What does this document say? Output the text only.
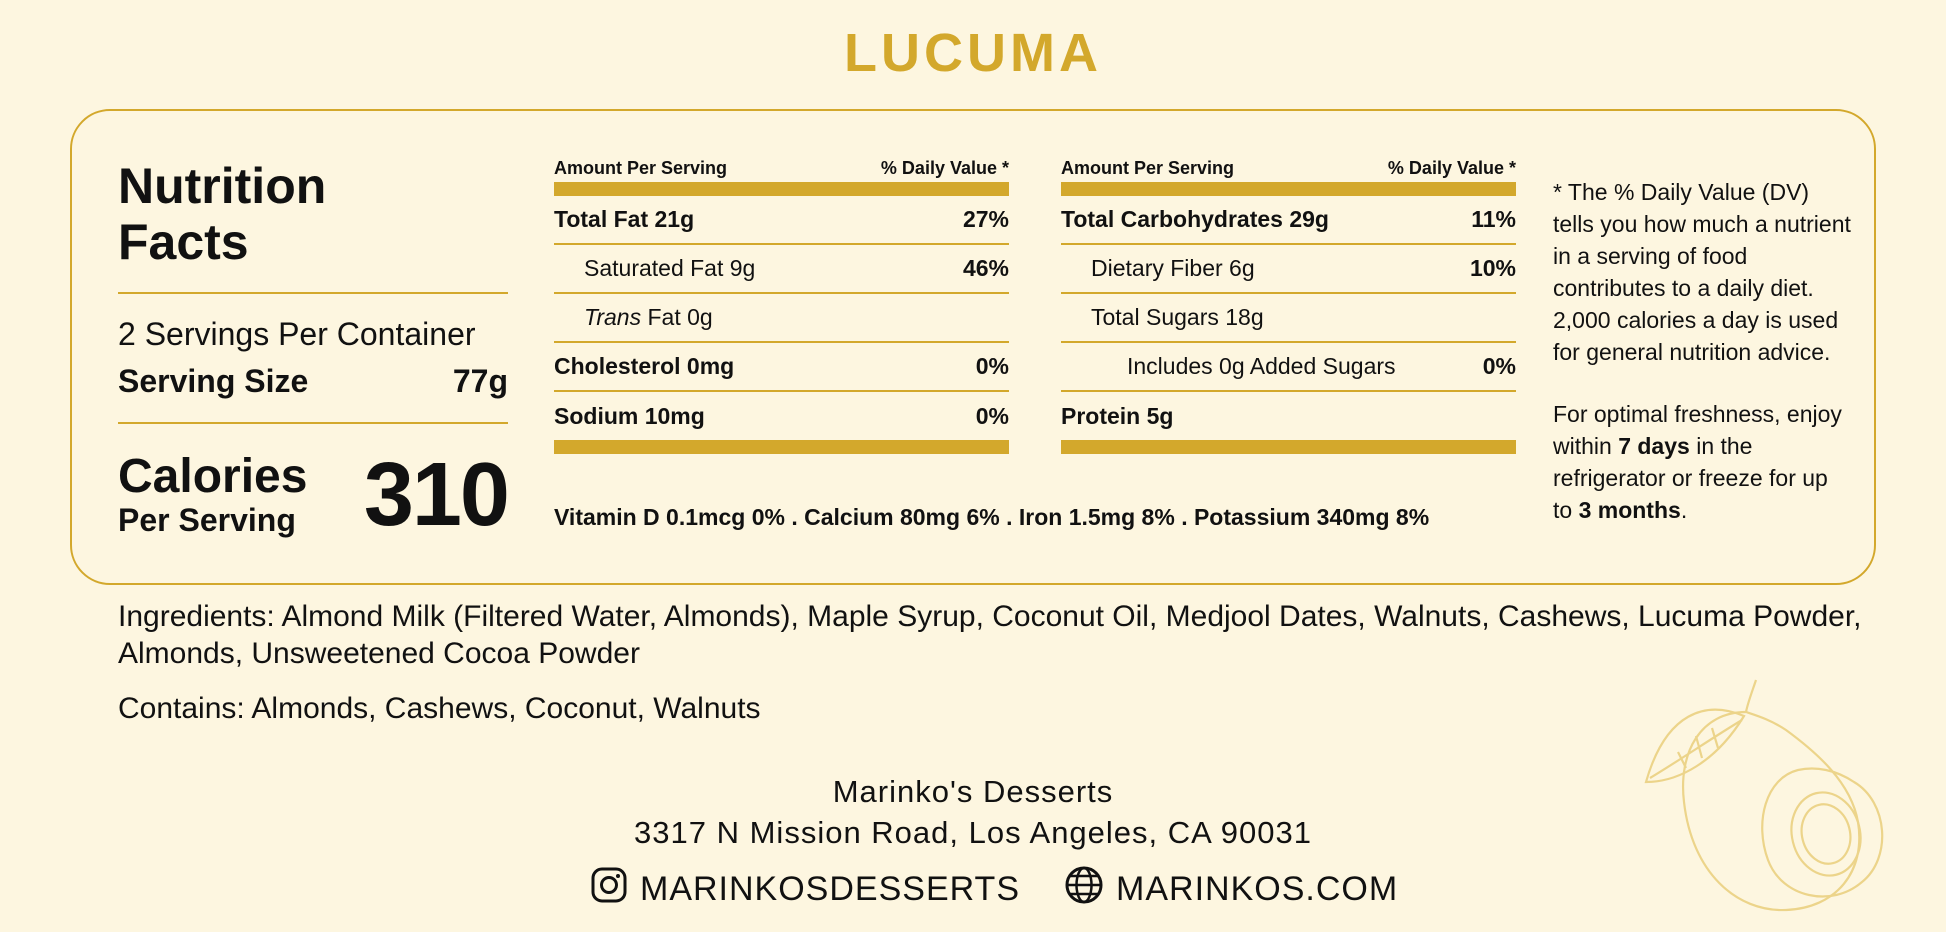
LUCUMA
Nutrition
Facts
2 Servings Per Container
Serving Size	77g
Calories
Per Serving 310
Amount Per Serving	% Daily Value *
Total Fat 21g	27%
Saturated Fat 9g	46%
Trans Fat 0g
Cholesterol 0mg	0%
Sodium 10mg	0%
Amount Per Serving	% Daily Value *
Total Carbohydrates 29g	11%
Dietary Fiber 6g	10%
Total Sugars 18g
Includes 0g Added Sugars	0%
Protein 5g
Vitamin D 0.1mcg 0% . Calcium 80mg 6% . Iron 1.5mg 8% . Potassium 340mg 8%

* The % Daily Value (DV) tells you how much a nutrient in a serving of food contributes to a daily diet. 2,000 calories a day is used for general nutrition advice.

For optimal freshness, enjoy within 7 days in the refrigerator or freeze for up to 3 months.

Ingredients: Almond Milk (Filtered Water, Almonds), Maple Syrup, Coconut Oil, Medjool Dates, Walnuts, Cashews, Lucuma Powder, Almonds, Unsweetened Cocoa Powder
Contains: Almonds, Cashews, Coconut, Walnuts
Marinko's Desserts
3317 N Mission Road, Los Angeles, CA 90031
MARINKOSDESSERTS	MARINKOS.COM
